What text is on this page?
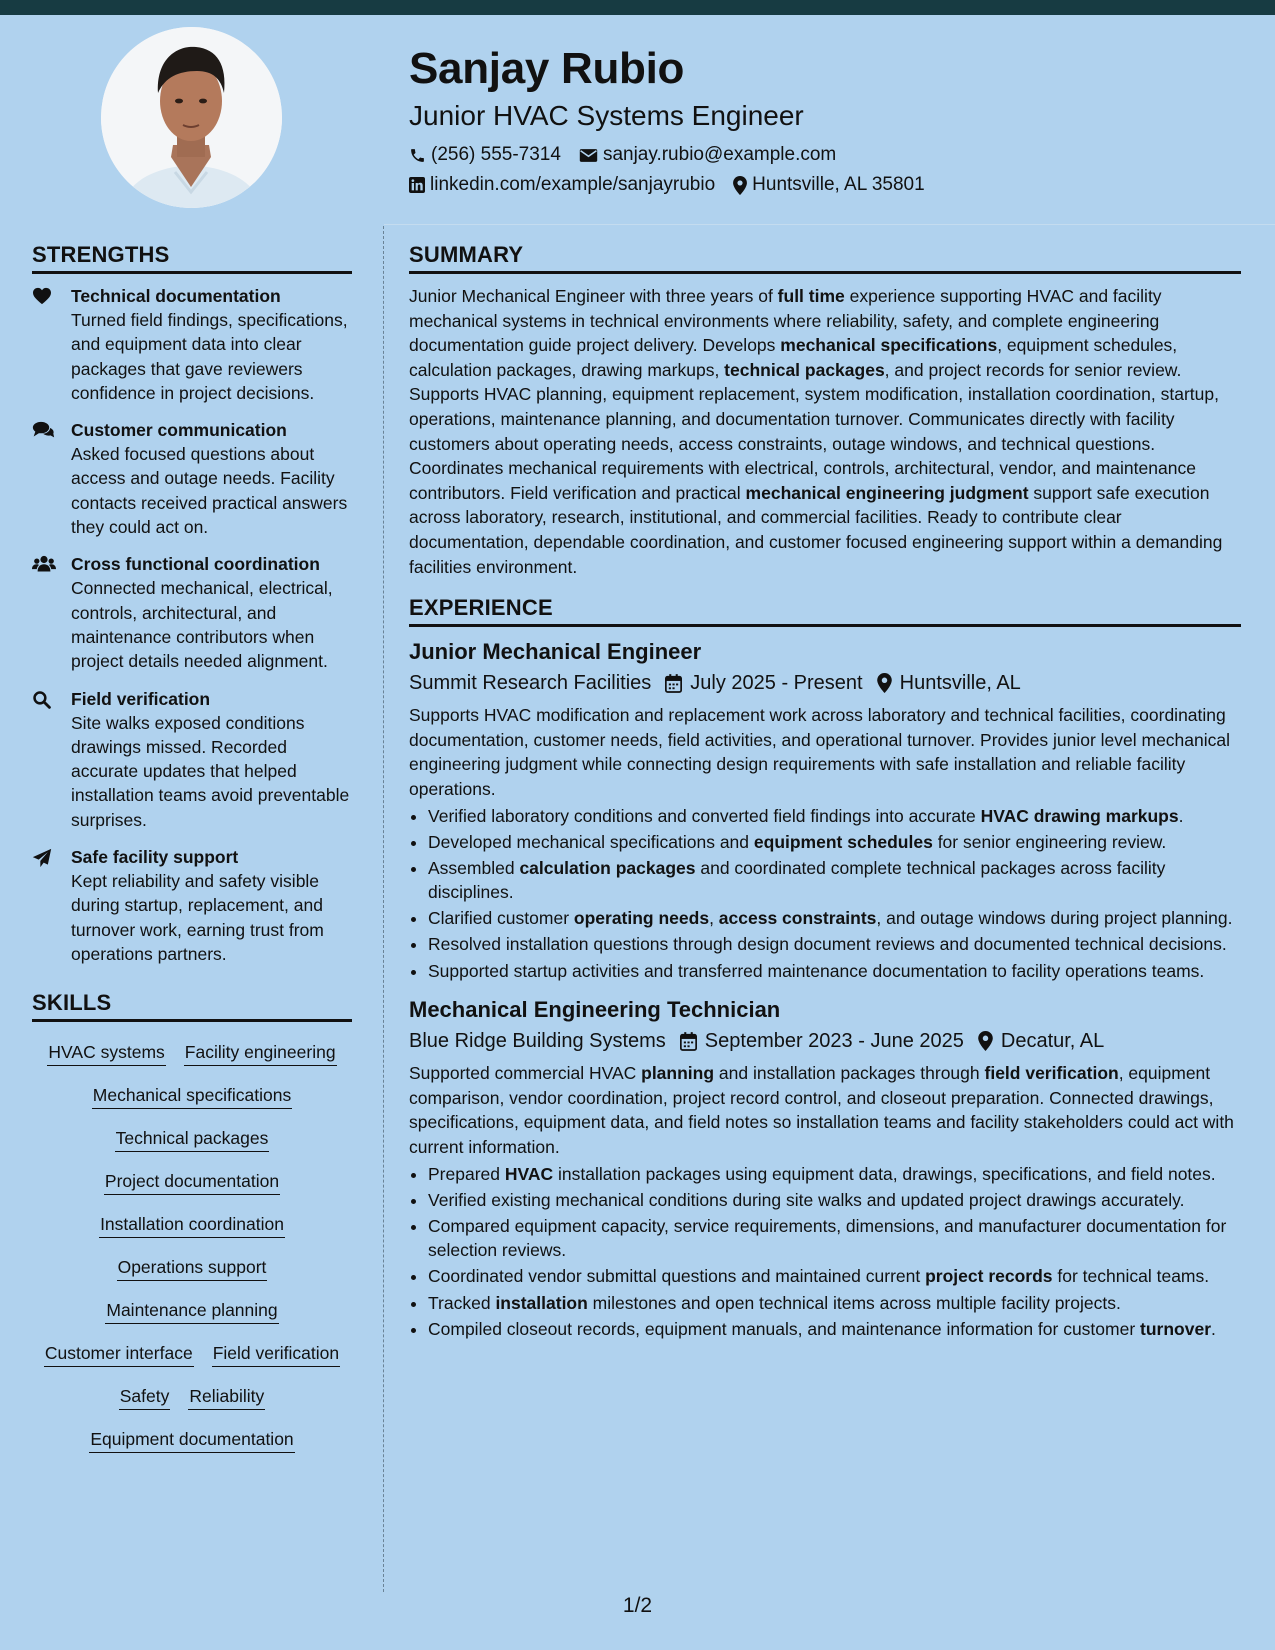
Sanjay Rubio
Junior HVAC Systems Engineer
(256) 555-7314 sanjay.rubio@example.com
linkedin.com/example/sanjayrubio Huntsville, AL 35801
STRENGTHS
Technical documentation
Turned field findings, specifications, and equipment data into clear packages that gave reviewers confidence in project decisions.
Customer communication
Asked focused questions about access and outage needs. Facility contacts received practical answers they could act on.
Cross functional coordination
Connected mechanical, electrical, controls, architectural, and maintenance contributors when project details needed alignment.
Field verification
Site walks exposed conditions drawings missed. Recorded accurate updates that helped installation teams avoid preventable surprises.
Safe facility support
Kept reliability and safety visible during startup, replacement, and turnover work, earning trust from operations partners.
SKILLS
HVAC systems Facility engineering
Mechanical specifications
Technical packages
Project documentation
Installation coordination
Operations support
Maintenance planning
Customer interface Field verification
Safety Reliability
Equipment documentation
SUMMARY

Junior Mechanical Engineer with three years of full time experience supporting HVAC and facility mechanical systems in technical environments where reliability, safety, and complete engineering documentation guide project delivery. Develops mechanical specifications, equipment schedules, calculation packages, drawing markups, technical packages, and project records for senior review. Supports HVAC planning, equipment replacement, system modification, installation coordination, startup, operations, maintenance planning, and documentation turnover. Communicates directly with facility customers about operating needs, access constraints, outage windows, and technical questions. Coordinates mechanical requirements with electrical, controls, architectural, vendor, and maintenance contributors. Field verification and practical mechanical engineering judgment support safe execution across laboratory, research, institutional, and commercial facilities. Ready to contribute clear documentation, dependable coordination, and customer focused engineering support within a demanding facilities environment.

EXPERIENCE
Junior Mechanical Engineer
Summit Research Facilities July 2025 - Present Huntsville, AL

Supports HVAC modification and replacement work across laboratory and technical facilities, coordinating documentation, customer needs, field activities, and operational turnover. Provides junior level mechanical engineering judgment while connecting design requirements with safe installation and reliable facility operations.

• Verified laboratory conditions and converted field findings into accurate HVAC drawing markups.
• Developed mechanical specifications and equipment schedules for senior engineering review.
• Assembled calculation packages and coordinated complete technical packages across facility disciplines.
• Clarified customer operating needs, access constraints, and outage windows during project planning.
• Resolved installation questions through design document reviews and documented technical decisions.
• Supported startup activities and transferred maintenance documentation to facility operations teams.
Mechanical Engineering Technician
Blue Ridge Building Systems September 2023 - June 2025 Decatur, AL

Supported commercial HVAC planning and installation packages through field verification, equipment comparison, vendor coordination, project record control, and closeout preparation. Connected drawings, specifications, equipment data, and field notes so installation teams and facility stakeholders could act with current information.

• Prepared HVAC installation packages using equipment data, drawings, specifications, and field notes.
• Verified existing mechanical conditions during site walks and updated project drawings accurately.
• Compared equipment capacity, service requirements, dimensions, and manufacturer documentation for selection reviews.
• Coordinated vendor submittal questions and maintained current project records for technical teams.
• Tracked installation milestones and open technical items across multiple facility projects.
• Compiled closeout records, equipment manuals, and maintenance information for customer turnover.
1/2
